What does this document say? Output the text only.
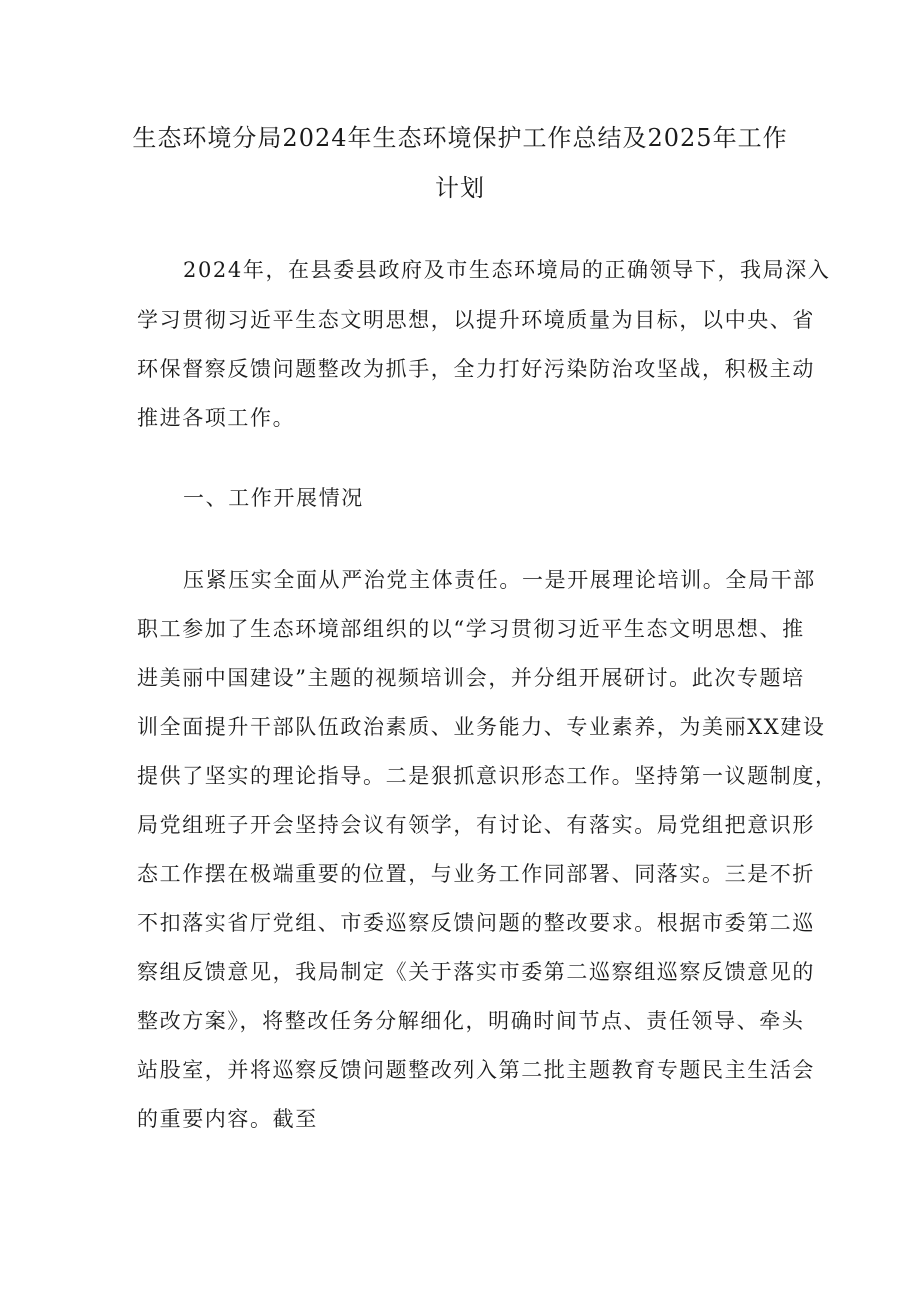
生态环境分局2024年生态环境保护工作总结及2025年工作
计划

2024年，在县委县政府及市生态环境局的正确领导下，我局深入

学习贯彻习近平生态文明思想，以提升环境质量为目标，以中央、省

环保督察反馈问题整改为抓手，全力打好污染防治攻坚战，积极主动

推进各项工作。

一、工作开展情况

压紧压实全面从严治党主体责任。一是开展理论培训。全局干部

职工参加了生态环境部组织的以“学习贯彻习近平生态文明思想、推

进美丽中国建设”主题的视频培训会，并分组开展研讨。此次专题培

训全面提升干部队伍政治素质、业务能力、专业素养，为美丽XX建设

提供了坚实的理论指导。二是狠抓意识形态工作。坚持第一议题制度，

局党组班子开会坚持会议有领学，有讨论、有落实。局党组把意识形

态工作摆在极端重要的位置，与业务工作同部署、同落实。三是不折

不扣落实省厅党组、市委巡察反馈问题的整改要求。根据市委第二巡

察组反馈意见，我局制定《关于落实市委第二巡察组巡察反馈意见的

整改方案》，将整改任务分解细化，明确时间节点、责任领导、牵头

站股室，并将巡察反馈问题整改列入第二批主题教育专题民主生活会

的重要内容。截至
